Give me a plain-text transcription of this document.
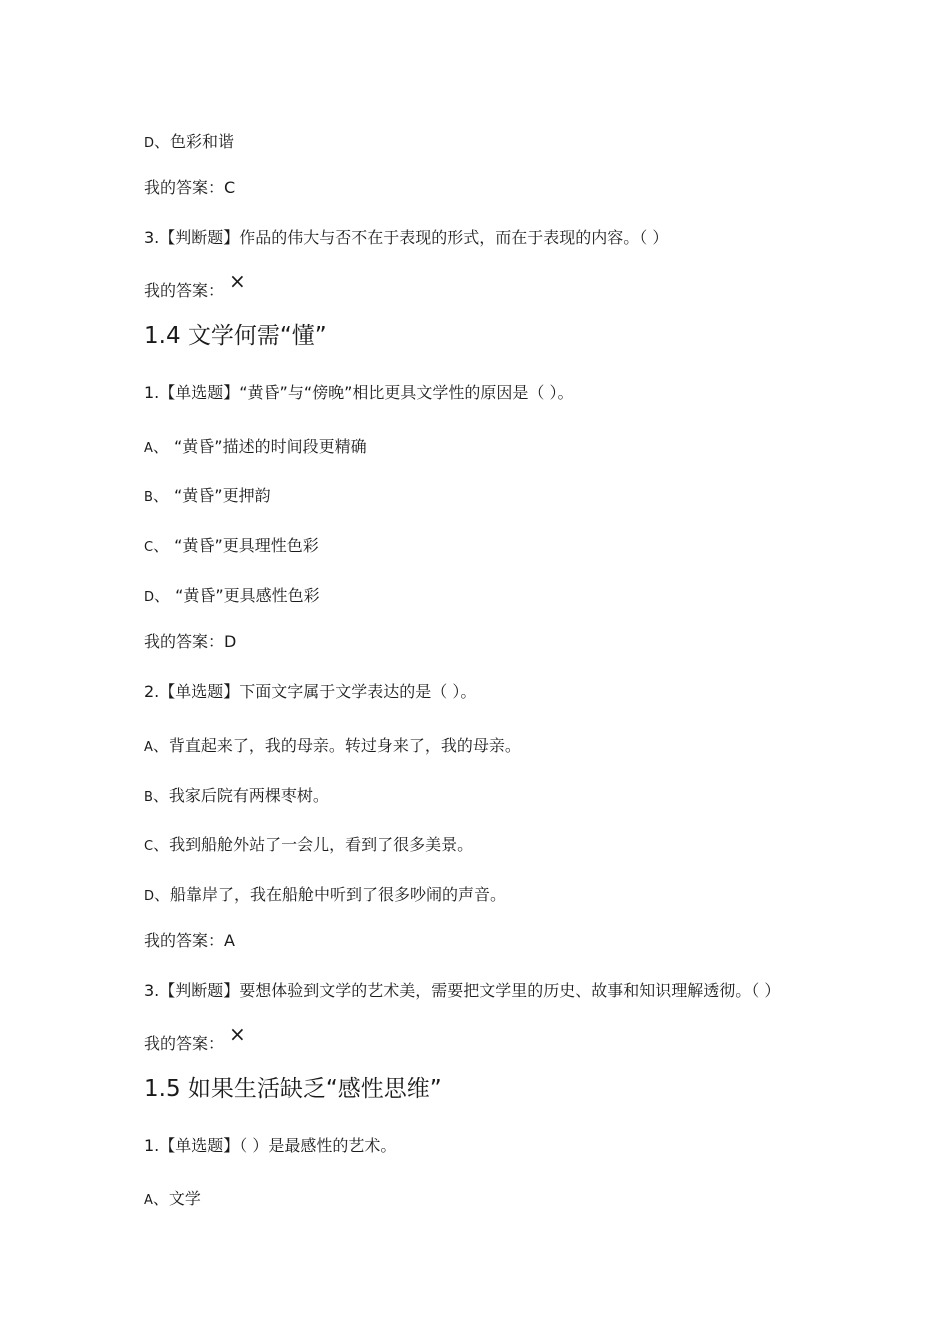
D、色彩和谐
我的答案：C
3.【判断题】作品的伟大与否不在于表现的形式，而在于表现的内容。（ ）
我的答案： ×
1.4 文学何需“懂”
1.【单选题】“黄昏”与“傍晚”相比更具文学性的原因是（ ）。
A、 “黄昏”描述的时间段更精确
B、 “黄昏”更押韵
C、 “黄昏”更具理性色彩
D、 “黄昏”更具感性色彩
我的答案：D
2.【单选题】下面文字属于文学表达的是（ ）。
A、背直起来了，我的母亲。转过身来了，我的母亲。
B、我家后院有两棵枣树。
C、我到船舱外站了一会儿，看到了很多美景。
D、船靠岸了，我在船舱中听到了很多吵闹的声音。
我的答案：A
3.【判断题】要想体验到文学的艺术美，需要把文学里的历史、故事和知识理解透彻。（ ）
我的答案： ×
1.5 如果生活缺乏“感性思维”
1.【单选题】（ ）是最感性的艺术。
A、文学
